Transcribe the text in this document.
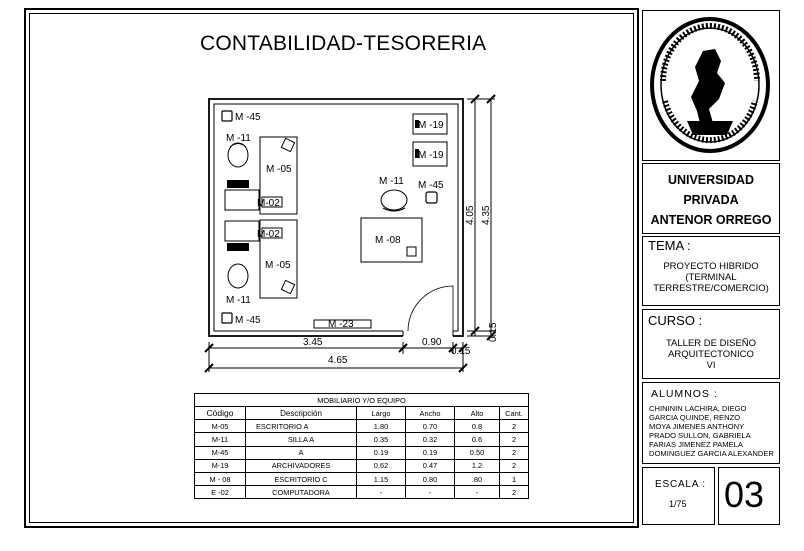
CONTABILIDAD-TESORERIA
UNIVERSIDAD
PRIVADA
ANTENOR ORREGO
TEMA :
PROYECTO HIBRIDO
(TERMINAL
TERRESTRE/COMERCIO)
CURSO :
TALLER DE DISEÑO
ARQUITECTONICO
VI
ALUMNOS :
CHINININ LACHIRA, DIEGO
GARCIA QUINDE, RENZO
MOYA JIMENES ANTHONY
PRADO SULLON, GABRIELA
FARIAS JIMENEZ PAMELA
DOMINGUEZ GARCIA ALEXANDER
ESCALA :
1/75 03
M -45
M -11
M -05
M-02
M-02
M -05
M -11
M -45	M -23
M -19
M -19
M -11 M -45
M -08
3.45	0.90
0.15
4.65
4.05 4.35
0.15
MOBILIARIO Y/O EQUIPO					
Código	Descripción	Largo	Ancho	Alto	Cant.
M-05	ESCRITORIO A	1.80	0.70	0.8	2
M-11	SILLA A	0.35	0.32	0.6	2
M-45	A	0.19	0.19	0.50	2
M-19	ARCHIVADORES	0.62	0.47	1.2	2
M - 08	ESCRITORIO C	1.15	0.80	.80	1
E -02	COMPUTADORA	-	-	-	2
